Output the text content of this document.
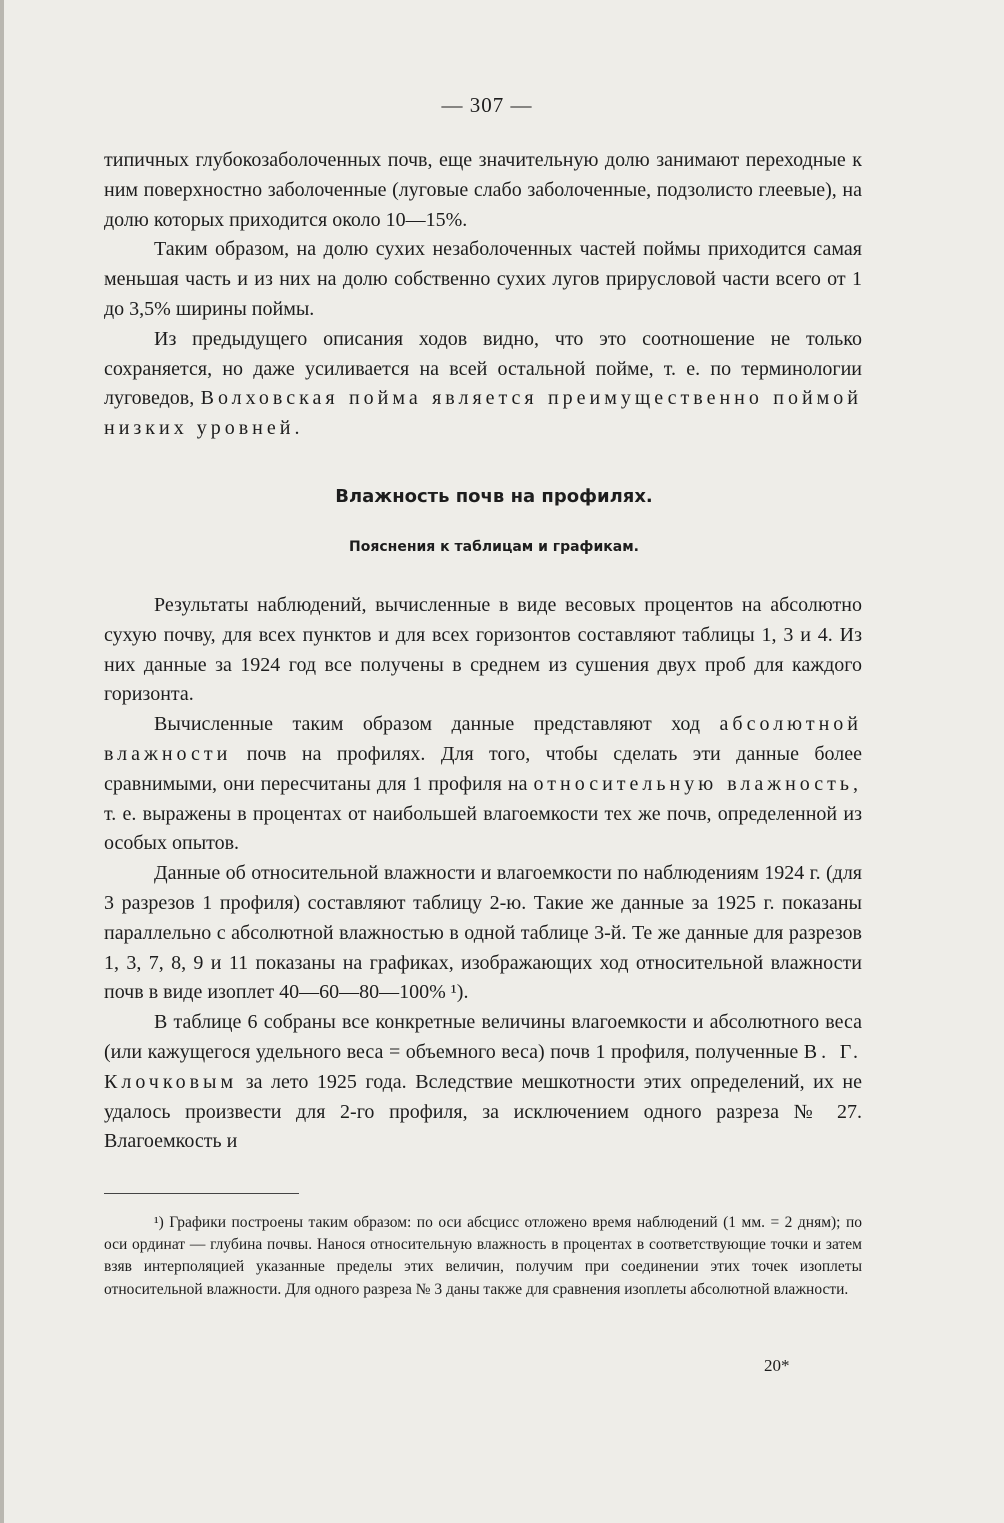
— 307 —

типичных глубокозаболоченных почв, еще значительную долю занимают переходные к ним поверхностно заболоченные (луговые слабо заболоченные, подзолисто глеевые), на долю которых приходится около 10—15%.

Таким образом, на долю сухих незаболоченных частей поймы приходится самая меньшая часть и из них на долю собственно сухих лугов прирусловой части всего от 1 до 3,5% ширины поймы.

Из предыдущего описания ходов видно, что это соотношение не только сохраняется, но даже усиливается на всей остальной пойме, т. е. по терминологии луговедов, Волховская пойма является преимущественно поймой низких уровней.

Влажность почв на профилях.
Пояснения к таблицам и графикам.

Результаты наблюдений, вычисленные в виде весовых процентов на абсолютно сухую почву, для всех пунктов и для всех горизонтов составляют таблицы 1, 3 и 4. Из них данные за 1924 год все получены в среднем из сушения двух проб для каждого горизонта.

Вычисленные таким образом данные представляют ход абсолютной влажности почв на профилях. Для того, чтобы сделать эти данные более сравнимыми, они пересчитаны для 1 профиля на относительную влажность, т. е. выражены в процентах от наибольшей влагоемкости тех же почв, определенной из особых опытов.

Данные об относительной влажности и влагоемкости по наблюдениям 1924 г. (для 3 разрезов 1 профиля) составляют таблицу 2-ю. Такие же данные за 1925 г. показаны параллельно с абсолютной влажностью в одной таблице 3-й. Те же данные для разрезов 1, 3, 7, 8, 9 и 11 показаны на графиках, изображающих ход относительной влажности почв в виде изоплет 40—60—80—100% ¹).

В таблице 6 собраны все конкретные величины влагоемкости и абсолютного веса (или кажущегося удельного веса = объемного веса) почв 1 профиля, полученные В. Г. Клочковым за лето 1925 года. Вследствие мешкотности этих определений, их не удалось произвести для 2-го профиля, за исключением одного разреза № 27. Влагоемкость и

¹) Графики построены таким образом: по оси абсцисс отложено время наблюдений (1 мм. = 2 дням); по оси ординат — глубина почвы. Нанося относительную влажность в процентах в соответствующие точки и затем взяв интерполяцией указанные пределы этих величин, получим при соединении этих точек изоплеты относительной влажности. Для одного разреза № 3 даны также для сравнения изоплеты абсолютной влажности.

20*
